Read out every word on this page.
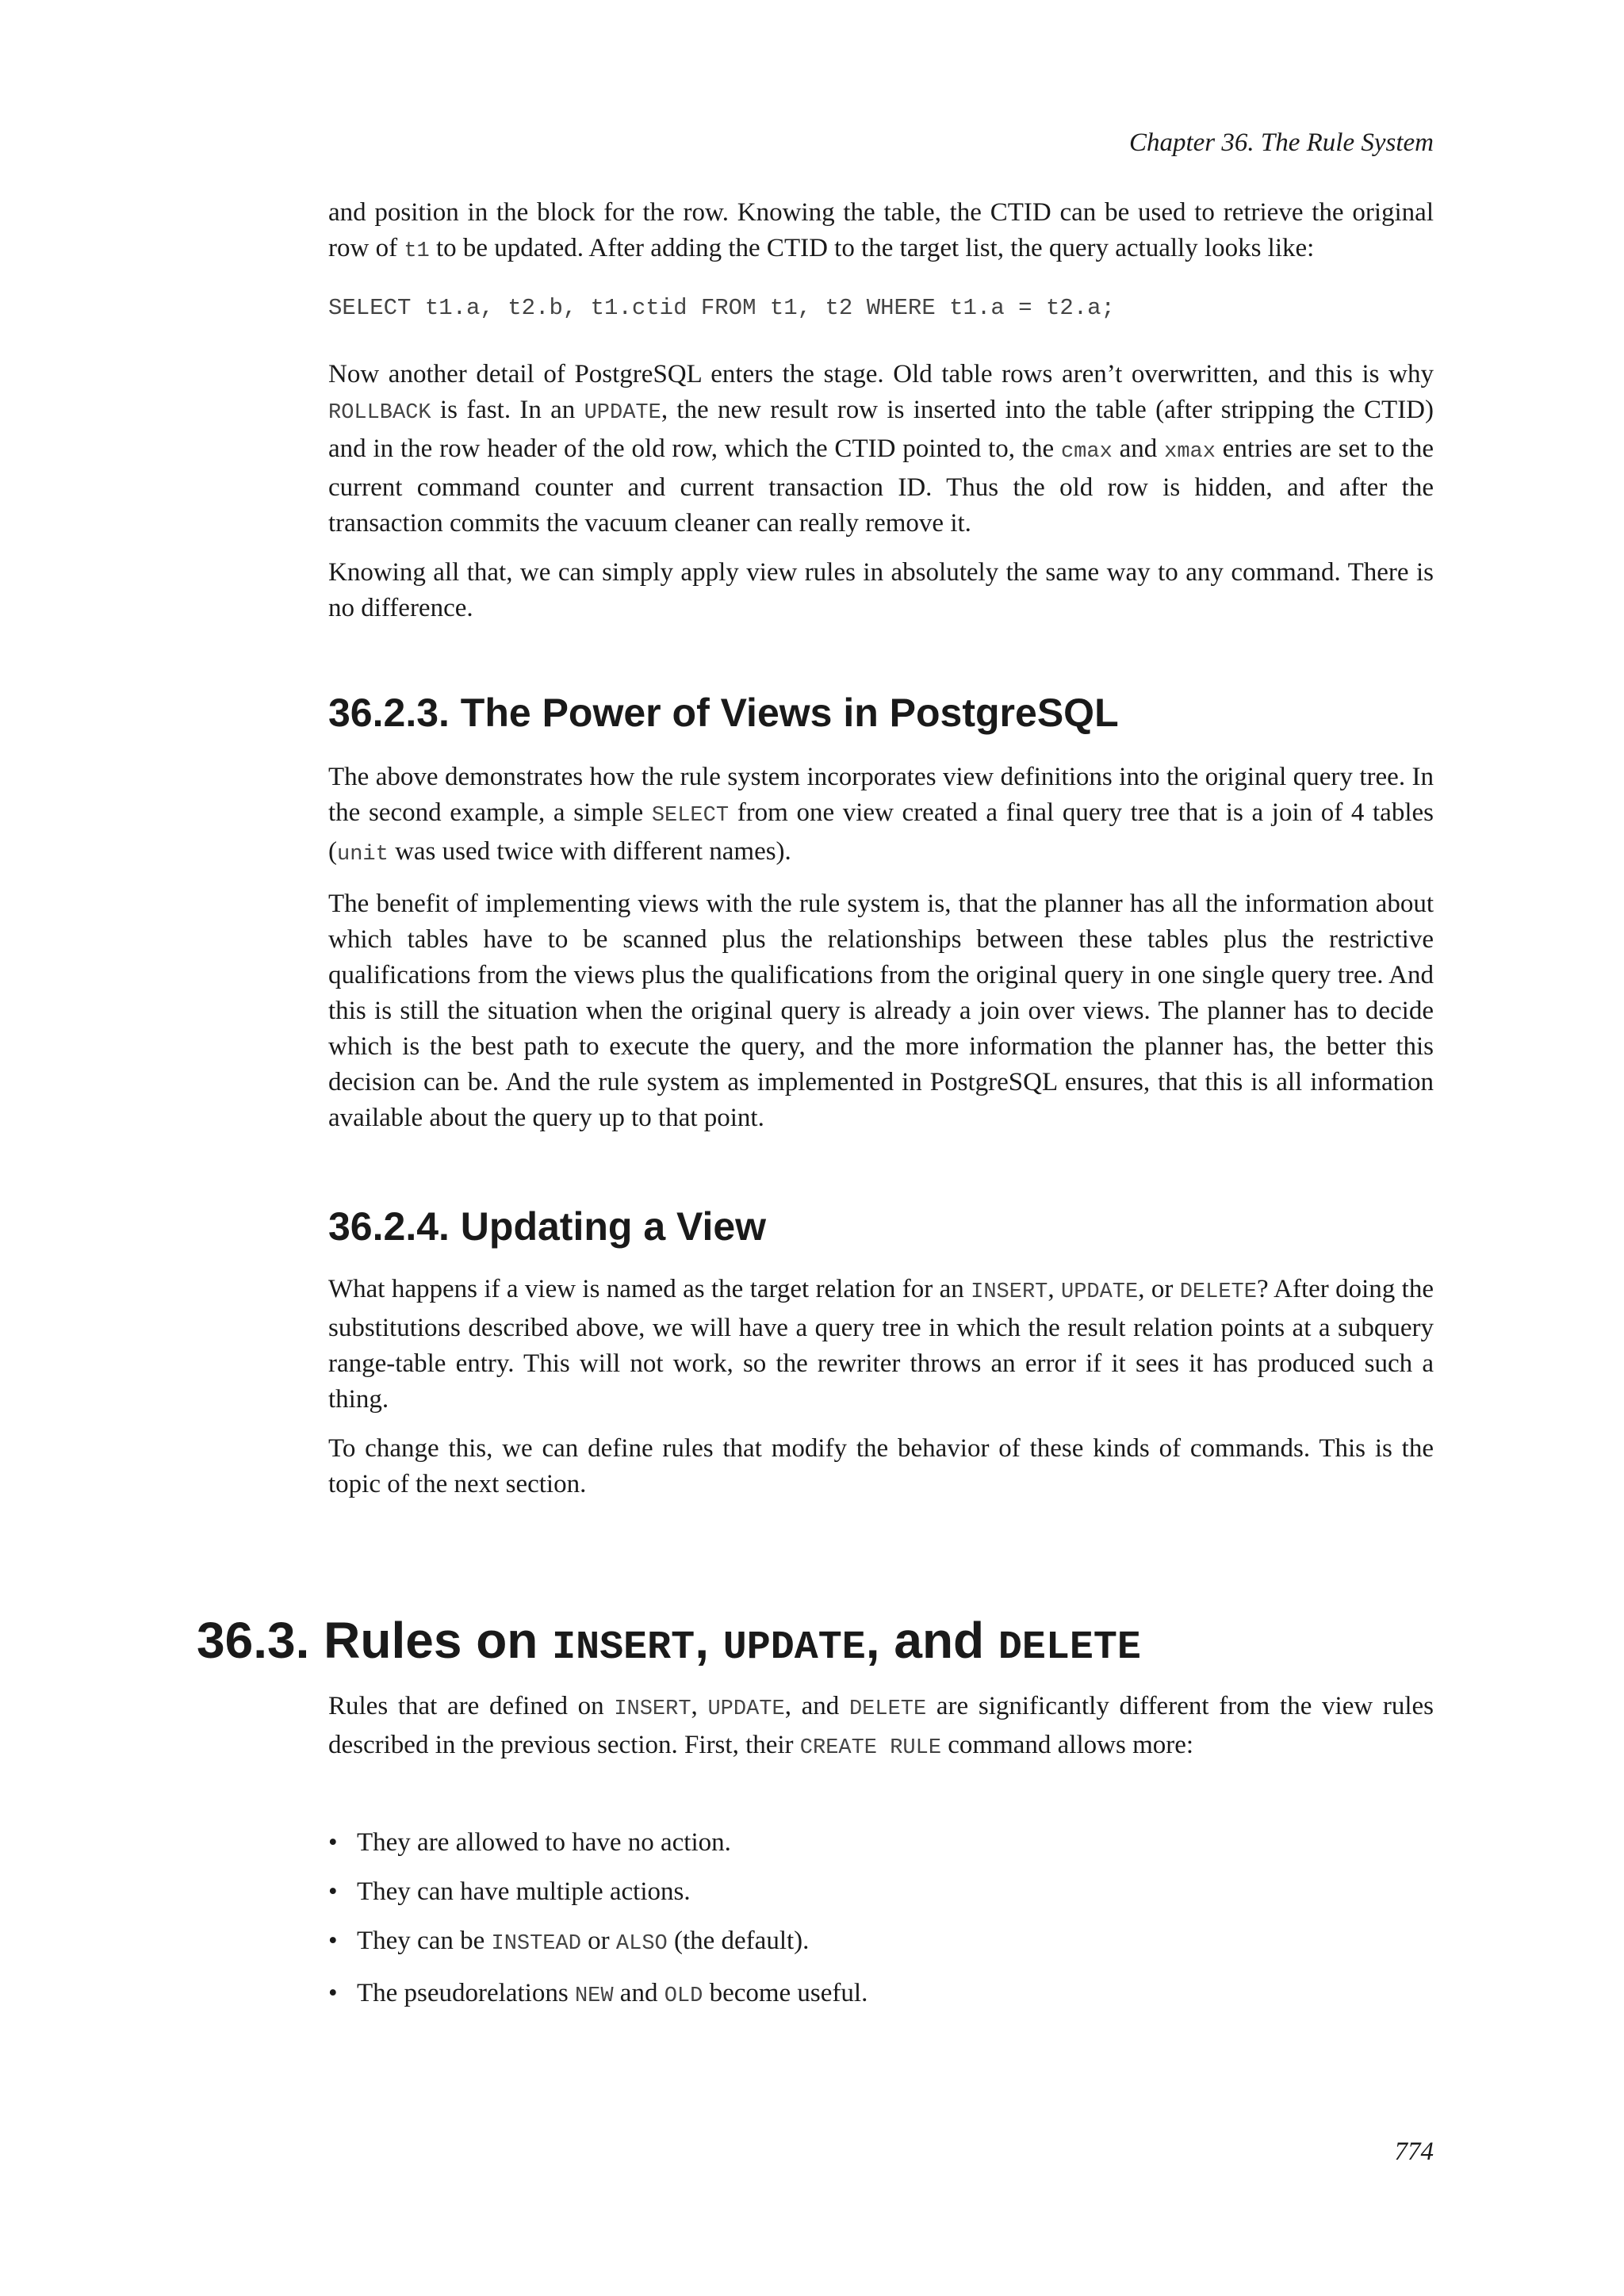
Chapter 36. The Rule System

and position in the block for the row. Knowing the table, the CTID can be used to retrieve the original row of t1 to be updated. After adding the CTID to the target list, the query actually looks like:

SELECT t1.a, t2.b, t1.ctid FROM t1, t2 WHERE t1.a = t2.a;

Now another detail of PostgreSQL enters the stage. Old table rows aren’t overwritten, and this is why ROLLBACK is fast. In an UPDATE, the new result row is inserted into the table (after stripping the CTID) and in the row header of the old row, which the CTID pointed to, the cmax and xmax entries are set to the current command counter and current transaction ID. Thus the old row is hidden, and after the transaction commits the vacuum cleaner can really remove it.

Knowing all that, we can simply apply view rules in absolutely the same way to any command. There is no difference.

36.2.3. The Power of Views in PostgreSQL

The above demonstrates how the rule system incorporates view definitions into the original query tree. In the second example, a simple SELECT from one view created a final query tree that is a join of 4 tables (unit was used twice with different names).

The benefit of implementing views with the rule system is, that the planner has all the information about which tables have to be scanned plus the relationships between these tables plus the restrictive qualifications from the views plus the qualifications from the original query in one single query tree. And this is still the situation when the original query is already a join over views. The planner has to decide which is the best path to execute the query, and the more information the planner has, the better this decision can be. And the rule system as implemented in PostgreSQL ensures, that this is all information available about the query up to that point.

36.2.4. Updating a View

What happens if a view is named as the target relation for an INSERT, UPDATE, or DELETE? After doing the substitutions described above, we will have a query tree in which the result relation points at a subquery range-table entry. This will not work, so the rewriter throws an error if it sees it has produced such a thing.

To change this, we can define rules that modify the behavior of these kinds of commands. This is the topic of the next section.

36.3. Rules on INSERT, UPDATE, and DELETE

Rules that are defined on INSERT, UPDATE, and DELETE are significantly different from the view rules described in the previous section. First, their CREATE RULE command allows more:

• They are allowed to have no action.
• They can have multiple actions.
• They can be INSTEAD or ALSO (the default).
• The pseudorelations NEW and OLD become useful.
774
